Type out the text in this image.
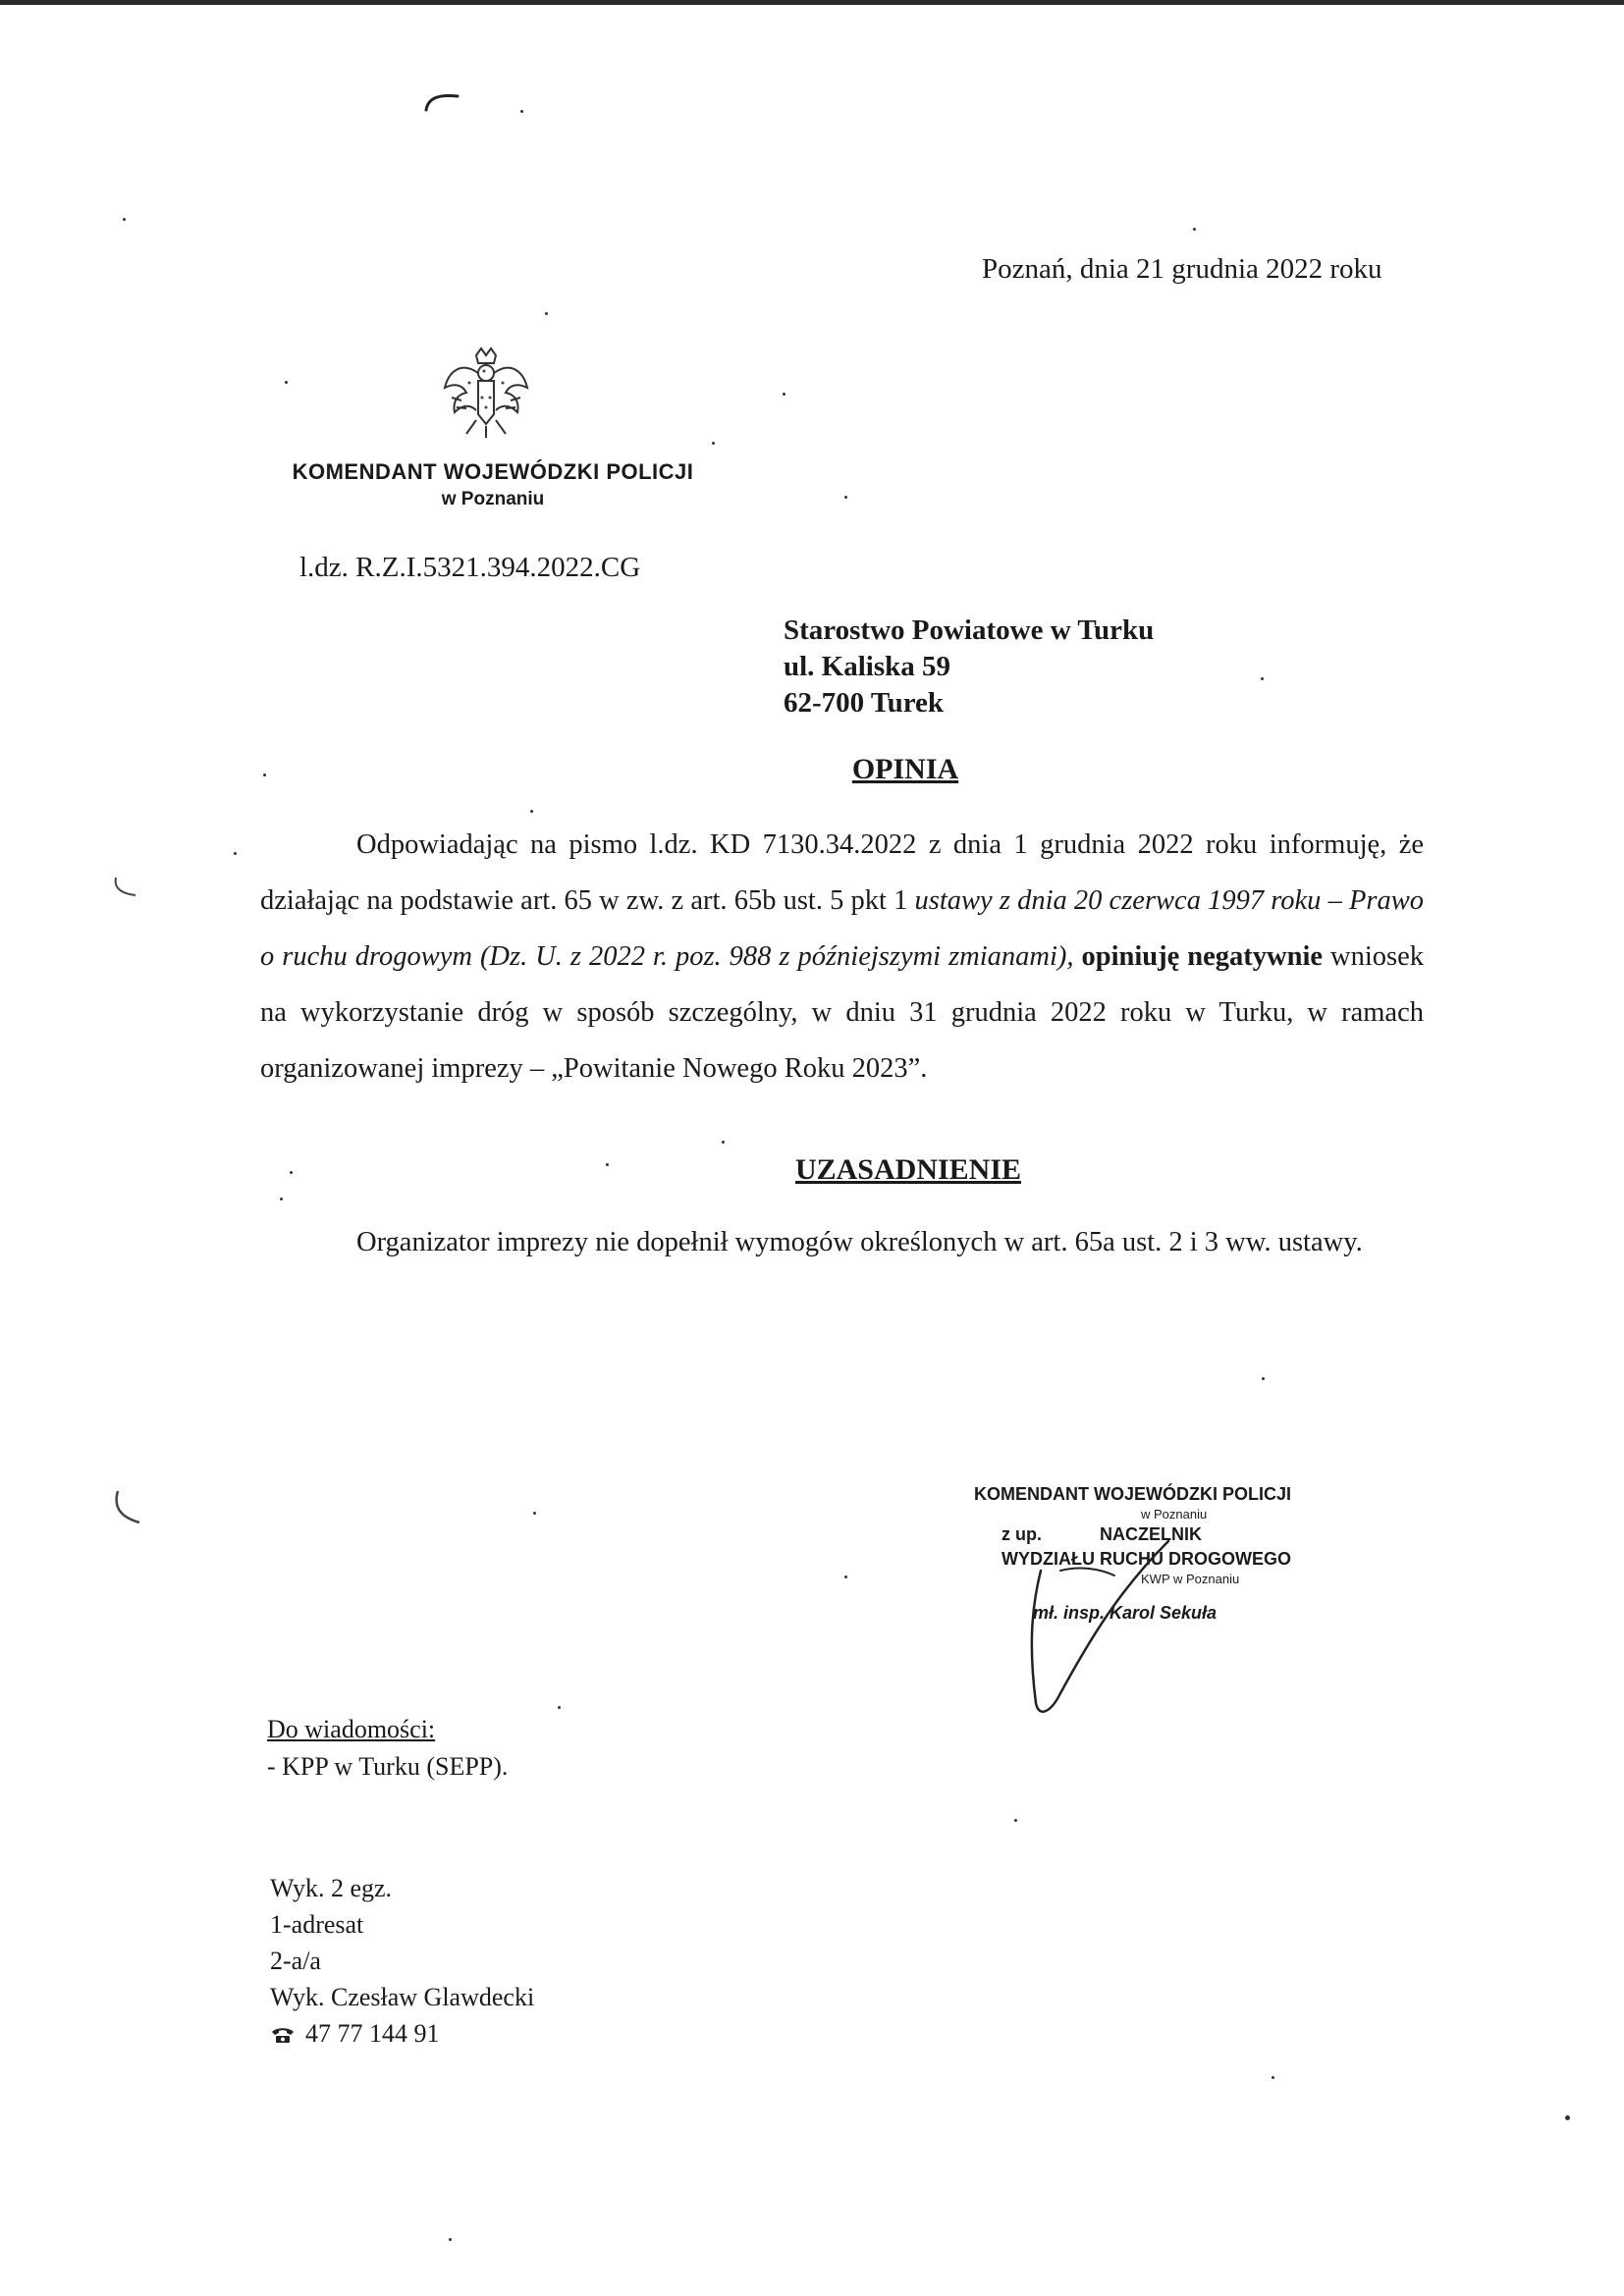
Poznań, dnia 21 grudnia 2022 roku
KOMENDANT WOJEWÓDZKI POLICJI
w Poznaniu
l.dz. R.Z.I.5321.394.2022.CG
Starostwo Powiatowe w Turku
ul. Kaliska 59
62-700 Turek
OPINIA
Odpowiadając na pismo l.dz. KD 7130.34.2022 z dnia 1 grudnia 2022 roku informuję, że działając na podstawie art. 65 w zw. z art. 65b ust. 5 pkt 1 ustawy z dnia 20 czerwca 1997 roku – Prawo o ruchu drogowym (Dz. U. z 2022 r. poz. 988 z późniejszymi zmianami), opiniuję negatywnie wniosek na wykorzystanie dróg w sposób szczególny, w dniu 31 grudnia 2022 roku w Turku, w ramach organizowanej imprezy – „Powitanie Nowego Roku 2023”.
UZASADNIENIE
Organizator imprezy nie dopełnił wymogów określonych w art. 65a ust. 2 i 3 ww. ustawy.
KOMENDANT WOJEWÓDZKI POLICJI
w Poznaniu
z up.	NACZELNIK
WYDZIAŁU RUCHU DROGOWEGO
KWP w Poznaniu
mł. insp. Karol Sekuła
Do wiadomości:
- KPP w Turku (SEPP).
Wyk. 2 egz.
1-adresat
2-a/a
Wyk. Czesław Glawdecki
47 77 144 91
